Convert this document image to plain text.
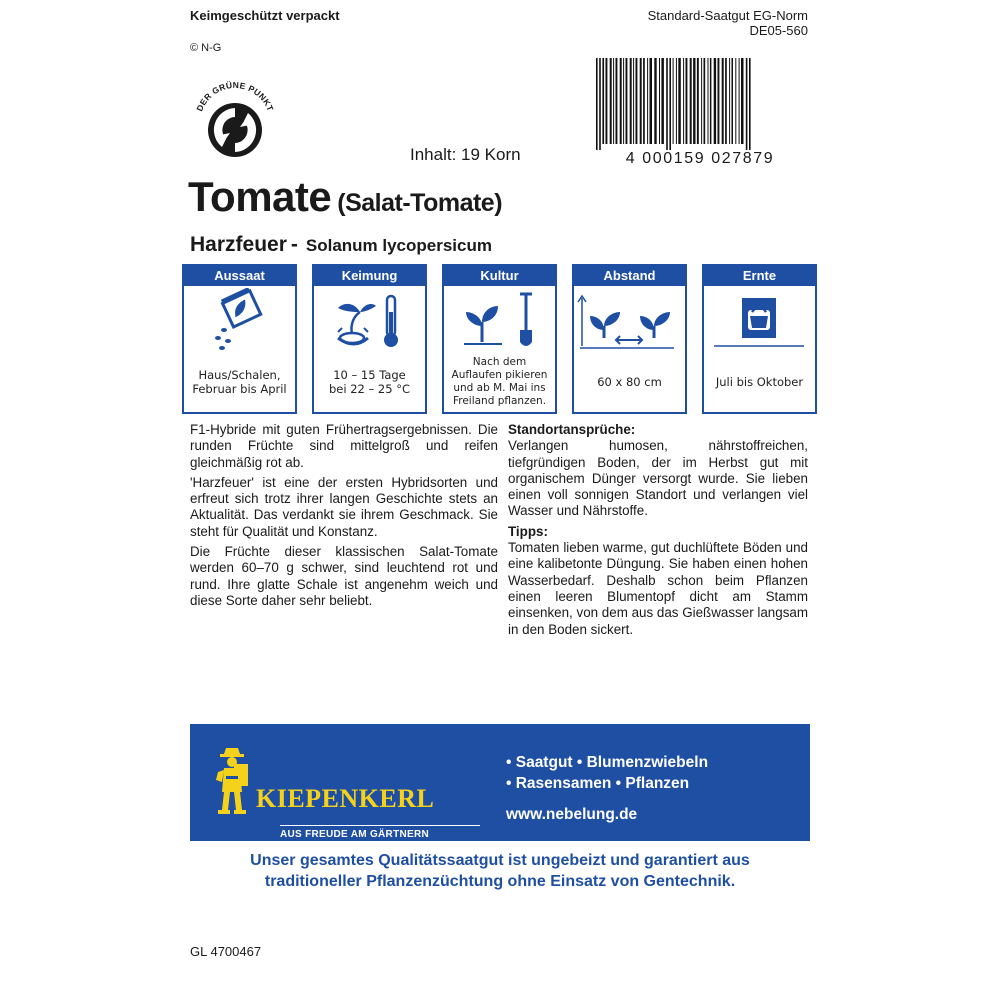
Keimgeschützt verpackt
© N-G
Standard-Saatgut EG-Norm
DE05-560
DER GRÜNE PUNKT
4 000159 027879
Inhalt: 19 Korn
Tomate (Salat-Tomate)
Harzfeuer - Solanum lycopersicum
Aussaat
Haus/Schalen,
Februar bis April
Keimung
10 – 15 Tage
bei 22 – 25 °C
Kultur
Nach dem
Auflaufen pikieren
und ab M. Mai ins
Freiland pflanzen.
Abstand
60 x 80 cm
Ernte
Juli bis Oktober

F1-Hybride mit guten Frühertragsergebnissen. Die runden Früchte sind mittelgroß und reifen gleichmäßig rot ab.

'Harzfeuer' ist eine der ersten Hybridsorten und erfreut sich trotz ihrer langen Geschichte stets an Aktualität. Das verdankt sie ihrem Geschmack. Sie steht für Qualität und Konstanz.

Die Früchte dieser klassischen Salat-Tomate werden 60–70 g schwer, sind leuchtend rot und rund. Ihre glatte Schale ist angenehm weich und diese Sorte daher sehr beliebt.

Standortansprüche:

Verlangen humosen, nährstoffreichen, tiefgründigen Boden, der im Herbst gut mit organischem Dünger versorgt wurde. Sie lieben einen voll sonnigen Standort und verlangen viel Wasser und Nährstoffe.

Tipps:

Tomaten lieben warme, gut duchlüftete Böden und eine kalibetonte Düngung. Sie haben einen hohen Wasserbedarf. Deshalb schon beim Pflanzen einen leeren Blumentopf dicht am Stamm einsenken, von dem aus das Gießwasser langsam in den Boden sickert.

KIEPENKERL
AUS FREUDE AM GÄRTNERN
• Saatgut • Blumenzwiebeln
• Rasensamen • Pflanzen
www.nebelung.de
Unser gesamtes Qualitätssaatgut ist ungebeizt und garantiert aus
traditioneller Pflanzenzüchtung ohne Einsatz von Gentechnik.
GL 4700467
